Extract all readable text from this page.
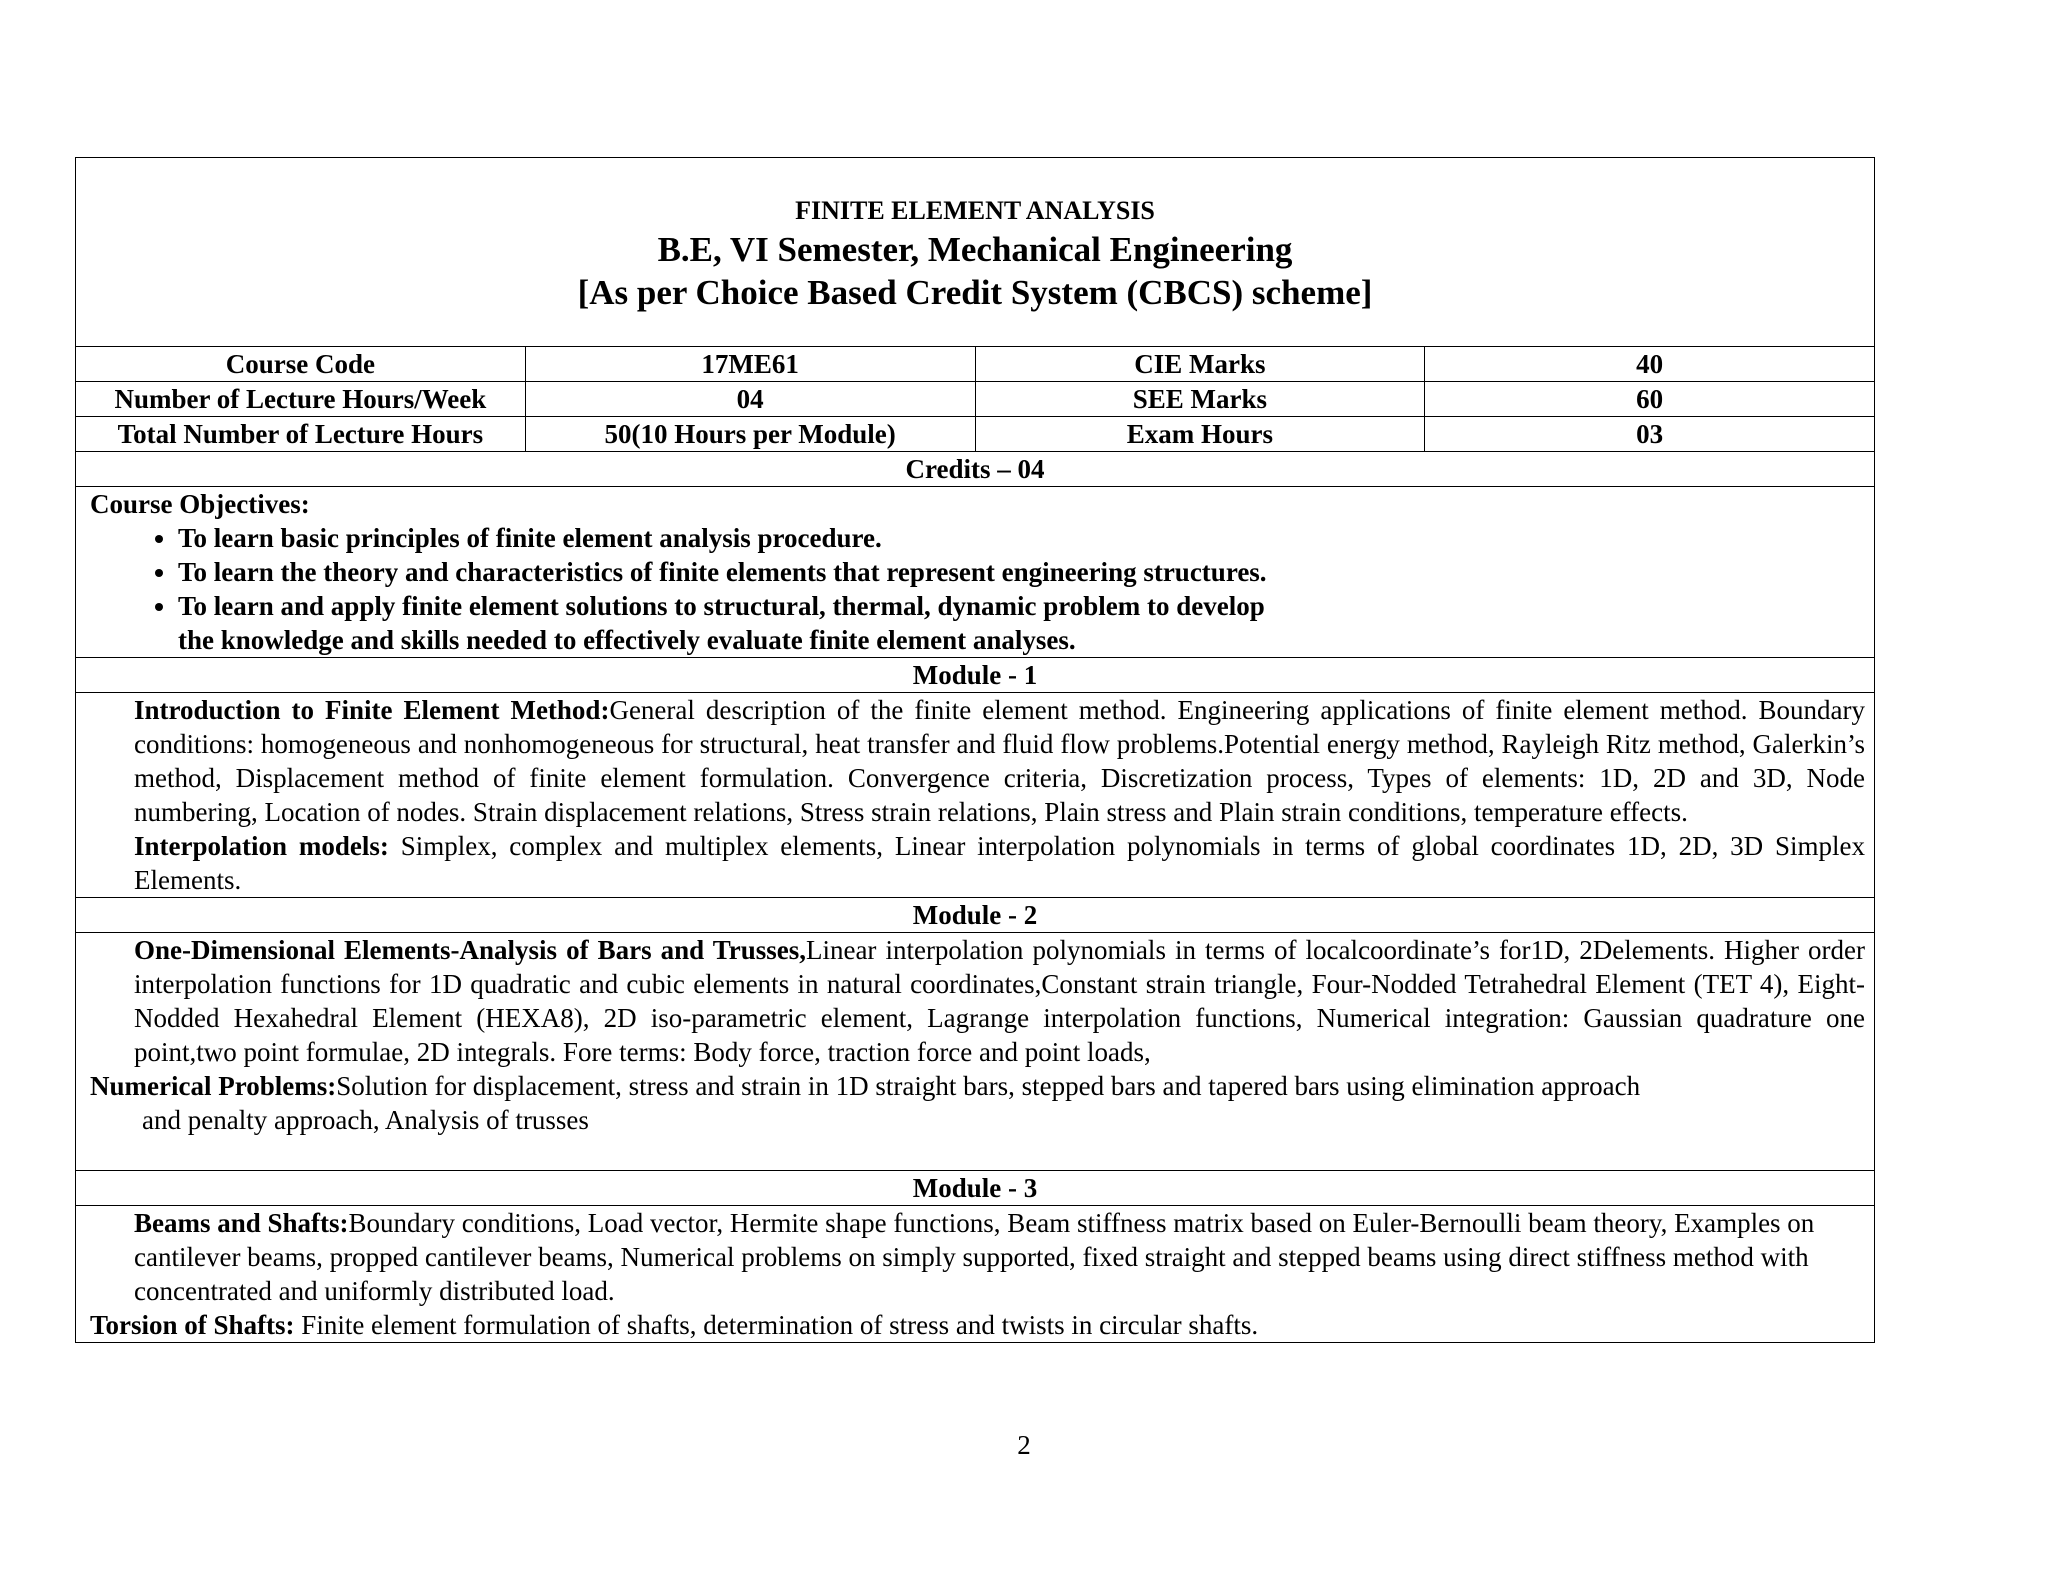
FINITE ELEMENT ANALYSIS
B.E, VI Semester, Mechanical Engineering
[As per Choice Based Credit System (CBCS) scheme]
Course Code	17ME61	CIE Marks	40
Number of Lecture Hours/Week	04	SEE Marks	60
Total Number of Lecture Hours	50(10 Hours per Module)	Exam Hours	03
Credits – 04
Course Objectives:
• To learn basic principles of finite element analysis procedure.
• To learn the theory and characteristics of finite elements that represent engineering structures.
• To learn and apply finite element solutions to structural, thermal, dynamic problem to develop the knowledge and skills needed to effectively evaluate finite element analyses.
Module - 1
Introduction to Finite Element Method:General description of the finite element method. Engineering applications of finite element method. Boundary conditions: homogeneous and nonhomogeneous for structural, heat transfer and fluid flow problems.Potential energy method, Rayleigh Ritz method, Galerkin’s method, Displacement method of finite element formulation. Convergence criteria, Discretization process, Types of elements: 1D, 2D and 3D, Node numbering, Location of nodes. Strain displacement relations, Stress strain relations, Plain stress and Plain strain conditions, temperature effects.
Interpolation models: Simplex, complex and multiplex elements, Linear interpolation polynomials in terms of global coordinates 1D, 2D, 3D Simplex Elements.
Module - 2
One-Dimensional Elements-Analysis of Bars and Trusses,Linear interpolation polynomials in terms of localcoordinate’s for1D, 2Delements. Higher order interpolation functions for 1D quadratic and cubic elements in natural coordinates,Constant strain triangle, Four-Nodded Tetrahedral Element (TET 4), Eight-Nodded Hexahedral Element (HEXA8), 2D iso-parametric element, Lagrange interpolation functions, Numerical integration: Gaussian quadrature one point,two point formulae, 2D integrals. Fore terms: Body force, traction force and point loads,
Numerical Problems:Solution for displacement, stress and strain in 1D straight bars, stepped bars and tapered bars using elimination approach
and penalty approach, Analysis of trusses
Module - 3
Beams and Shafts:Boundary conditions, Load vector, Hermite shape functions, Beam stiffness matrix based on Euler-Bernoulli beam theory, Examples on cantilever beams, propped cantilever beams, Numerical problems on simply supported, fixed straight and stepped beams using direct stiffness method with concentrated and uniformly distributed load.
Torsion of Shafts: Finite element formulation of shafts, determination of stress and twists in circular shafts.
2
